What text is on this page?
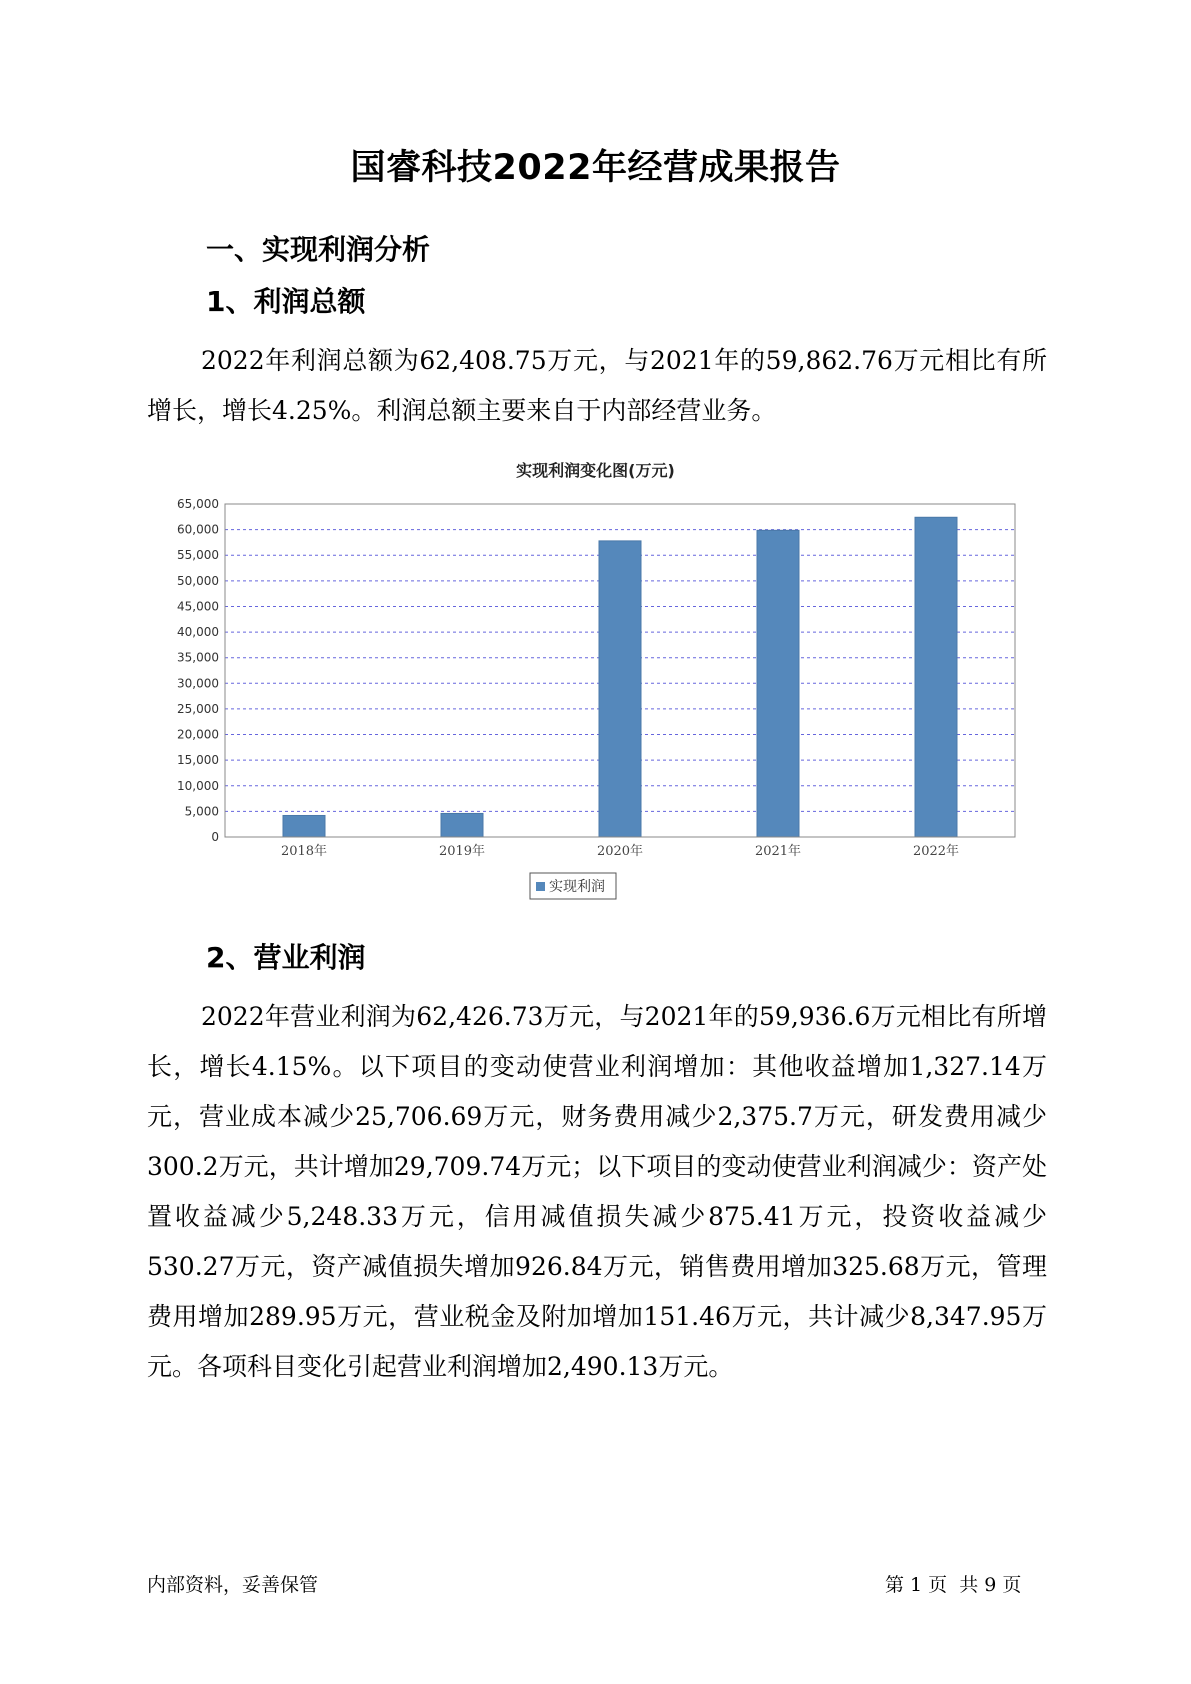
国睿科技2022年经营成果报告
一、实现利润分析
1、利润总额

2022年利润总额为62,408.75万元，与2021年的59,862.76万元相比有所增长，增长4.25%。利润总额主要来自于内部经营业务。

实现利润变化图(万元)
0
5,000
10,000
15,000
20,000
25,000
30,000
35,000
40,000
45,000
50,000
55,000
60,000
65,000
2018年	2019年	2020年	2021年	2022年
实现利润
2、营业利润

2022年营业利润为62,426.73万元，与2021年的59,936.6万元相比有所增长，增长4.15%。以下项目的变动使营业利润增加：其他收益增加1,327.14万元，营业成本减少25,706.69万元，财务费用减少2,375.7万元，研发费用减少300.2万元，共计增加29,709.74万元；以下项目的变动使营业利润减少：资产处置收益减少5,248.33万元，信用减值损失减少875.41万元，投资收益减少530.27万元，资产减值损失增加926.84万元，销售费用增加325.68万元，管理费用增加289.95万元，营业税金及附加增加151.46万元，共计减少8,347.95万元。各项科目变化引起营业利润增加2,490.13万元。

内部资料，妥善保管	第 1 页  共 9 页
